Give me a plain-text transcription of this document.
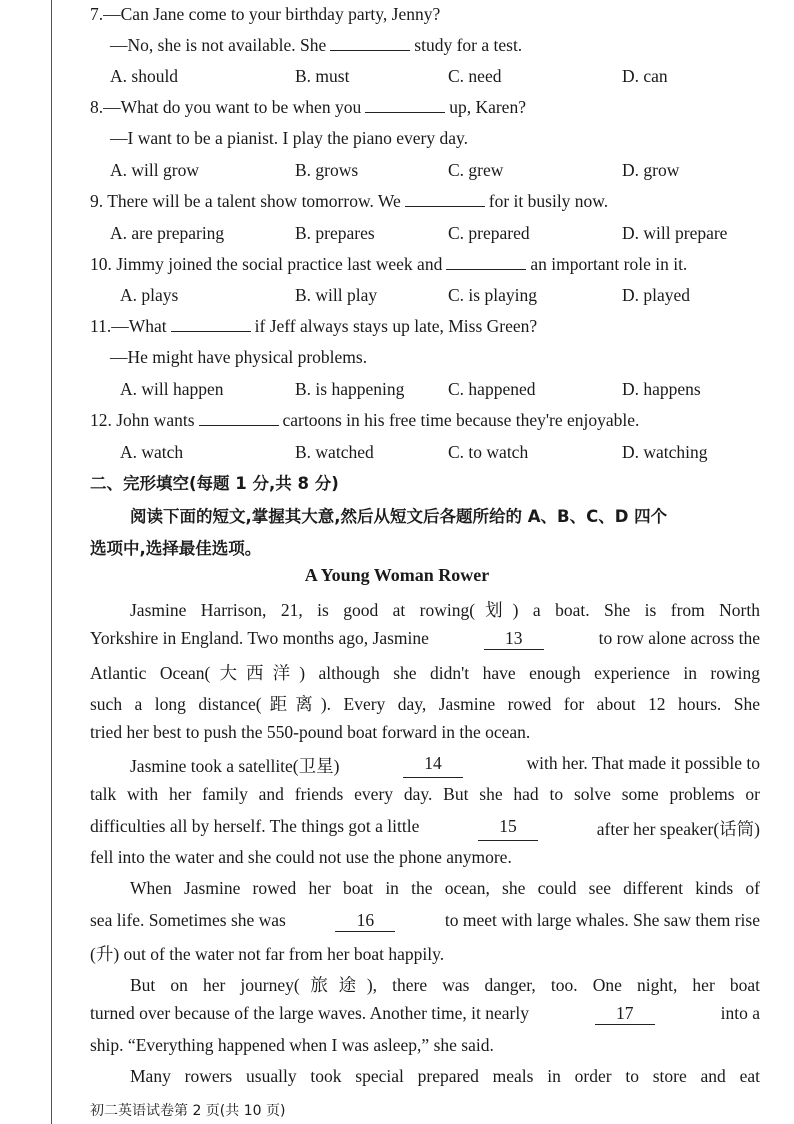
7.—Can Jane come to your birthday party, Jenny?
—No, she is not available. She	study for a test.
A. should	B. must	C. need	D. can
8.—What do you want to be when you	up, Karen?
—I want to be a pianist. I play the piano every day.
A. will grow	B. grows	C. grew	D. grow
9. There will be a talent show tomorrow. We	for it busily now.
A. are preparing	B. prepares	C. prepared	D. will prepare
10. Jimmy joined the social practice last week and	an important role in it.
A. plays	B. will play	C. is playing	D. played
11.—What	if Jeff always stays up late, Miss Green?
—He might have physical problems.
A. will happen	B. is happening C. happened	D. happens
12. John wants	cartoons in his free time because they're enjoyable.
A. watch	B. watched	C. to watch	D. watching
二、完形填空(每题 1 分,共 8 分)
阅读下面的短文,掌握其大意,然后从短文后各题所给的 A、B、C、D 四个
选项中,选择最佳选项。
A Young Woman Rower
Jasmine Harrison, 21, is good at rowing(划) a boat. She is from North
Yorkshire in England. Two months ago, Jasmine	13	to row alone across the
Atlantic Ocean(大西洋) although she didn't have enough experience in rowing
such a long distance(距离). Every day, Jasmine rowed for about 12 hours. She
tried her best to push the 550-pound boat forward in the ocean.
Jasmine took a satellite(卫星)	14	with her. That made it possible to
talk with her family and friends every day. But she had to solve some problems or
difficulties all by herself. The things got a little	15	after her speaker(话筒)
fell into the water and she could not use the phone anymore.
When Jasmine rowed her boat in the ocean, she could see different kinds of
sea life. Sometimes she was	16	to meet with large whales. She saw them rise
(升) out of the water not far from her boat happily.
But on her journey(旅途), there was danger, too. One night, her boat
turned over because of the large waves. Another time, it nearly	17	into a
ship. “Everything happened when I was asleep,” she said.
Many rowers usually took special prepared meals in order to store and eat
初二英语试卷第 2 页(共 10 页)
